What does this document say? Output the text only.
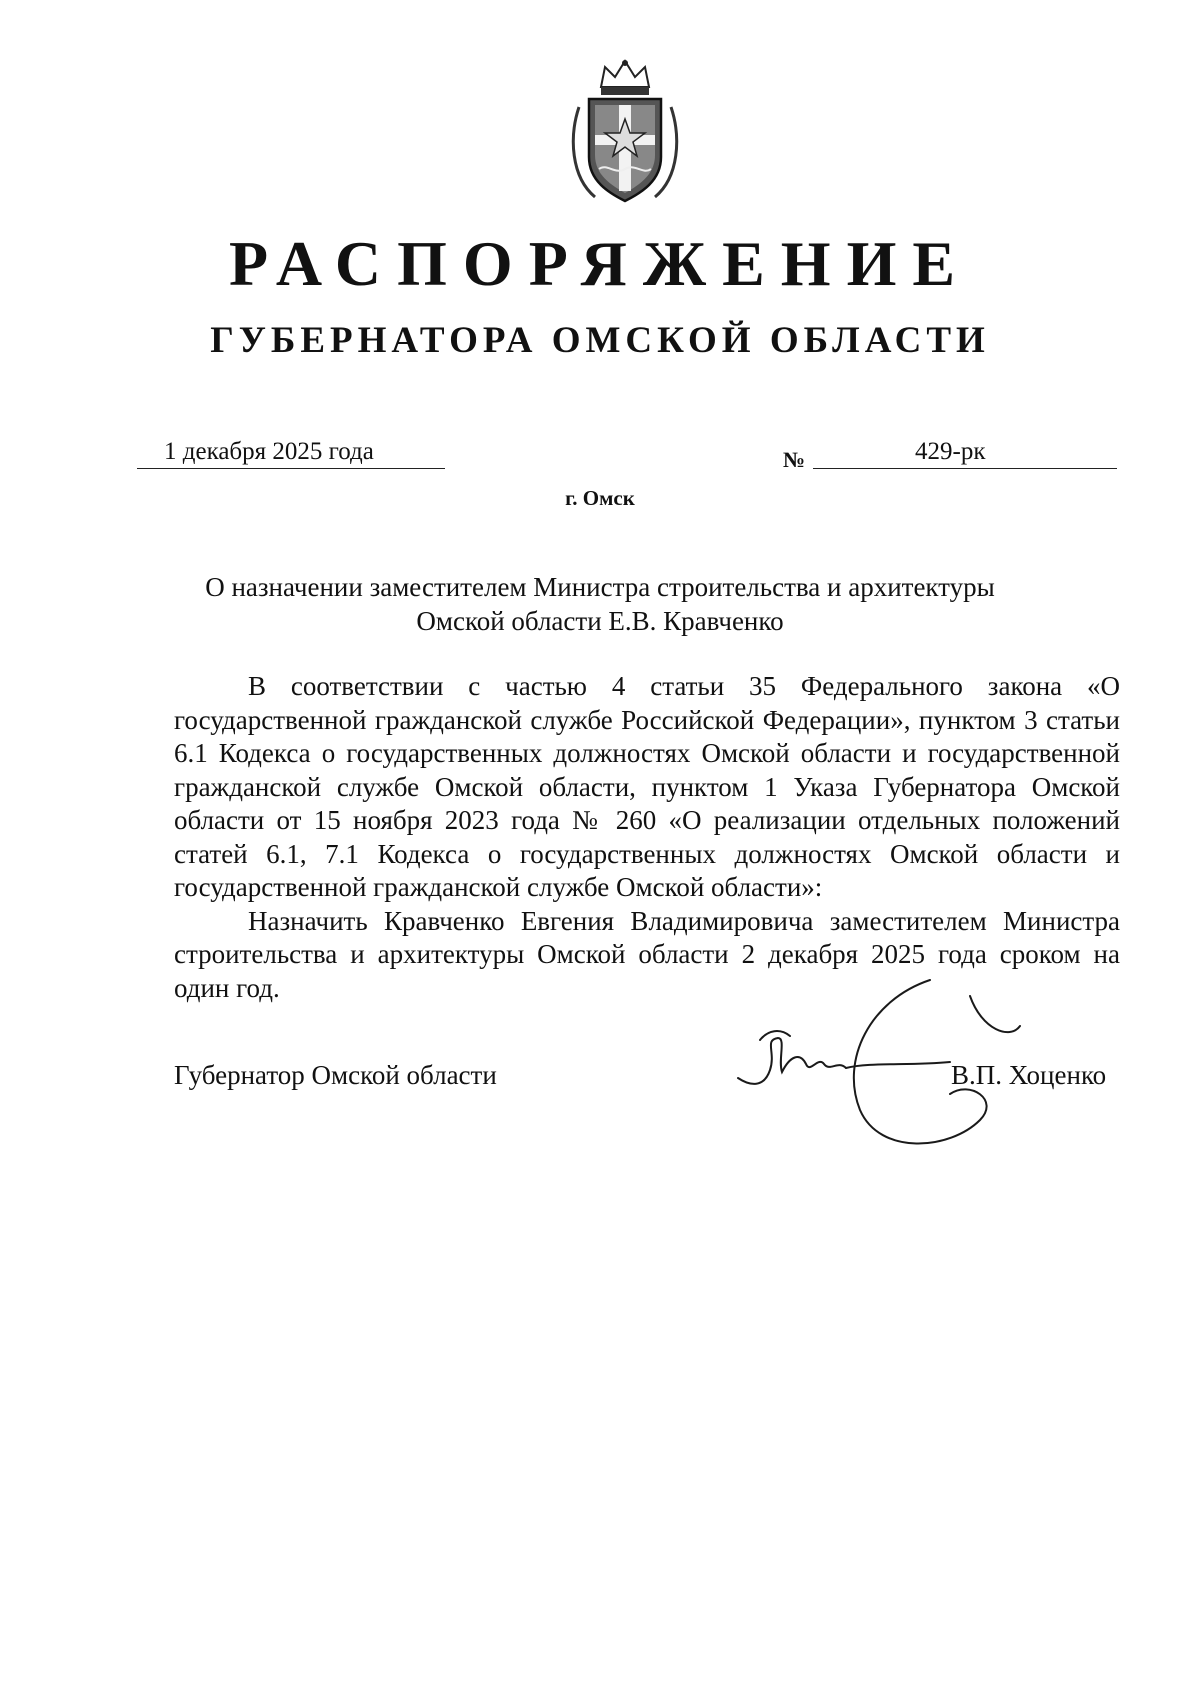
РАСПОРЯЖЕНИЕ
ГУБЕРНАТОРА ОМСКОЙ ОБЛАСТИ
1 декабря 2025 года	№	429-рк
г. Омск
О назначении заместителем Министра строительства и архитектуры
Омской области Е.В. Кравченко

В соответствии с частью 4 статьи 35 Федерального закона «О государственной гражданской службе Российской Федерации», пунктом 3 статьи 6.1 Кодекса о государственных должностях Омской области и государственной гражданской службе Омской области, пунктом 1 Указа Губернатора Омской области от 15 ноября 2023 года № 260 «О реализации отдельных положений статей 6.1, 7.1 Кодекса о государственных должностях Омской области и государственной гражданской службе Омской области»:

Назначить Кравченко Евгения Владимировича заместителем Министра строительства и архитектуры Омской области 2 декабря 2025 года сроком на один год.

Губернатор Омской области	В.П. Хоценко
